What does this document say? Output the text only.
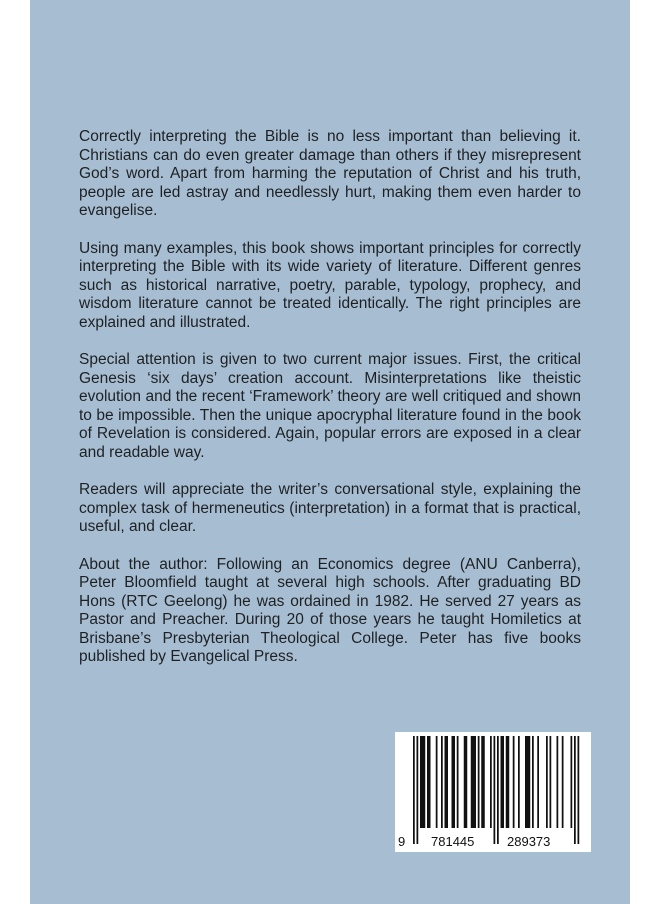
Correctly interpreting the Bible is no less important than believing it. Christians can do even greater damage than others if they misrepresent God’s word. Apart from harming the reputation of Christ and his truth, people are led astray and needlessly hurt, making them even harder to evangelise.

Using many examples, this book shows important principles for correctly interpreting the Bible with its wide variety of literature. Different genres such as historical narrative, poetry, parable, typology, prophecy, and wisdom literature cannot be treated identically. The right principles are explained and illustrated.

Special attention is given to two current major issues. First, the critical Genesis ‘six days’ creation account. Misinterpretations like theistic evolution and the recent ‘Framework’ theory are well critiqued and shown to be impossible. Then the unique apocryphal literature found in the book of Revelation is considered. Again, popular errors are exposed in a clear and readable way.

Readers will appreciate the writer’s conversational style, explaining the complex task of hermeneutics (interpretation) in a format that is practical, useful, and clear.

About the author: Following an Economics degree (ANU Canberra), Peter Bloomfield taught at several high schools. After graduating BD Hons (RTC Geelong) he was ordained in 1982. He served 27 years as Pastor and Preacher. During 20 of those years he taught Homiletics at Brisbane’s Presbyterian Theological College. Peter has five books published by Evangelical Press.

9 781445	289373
